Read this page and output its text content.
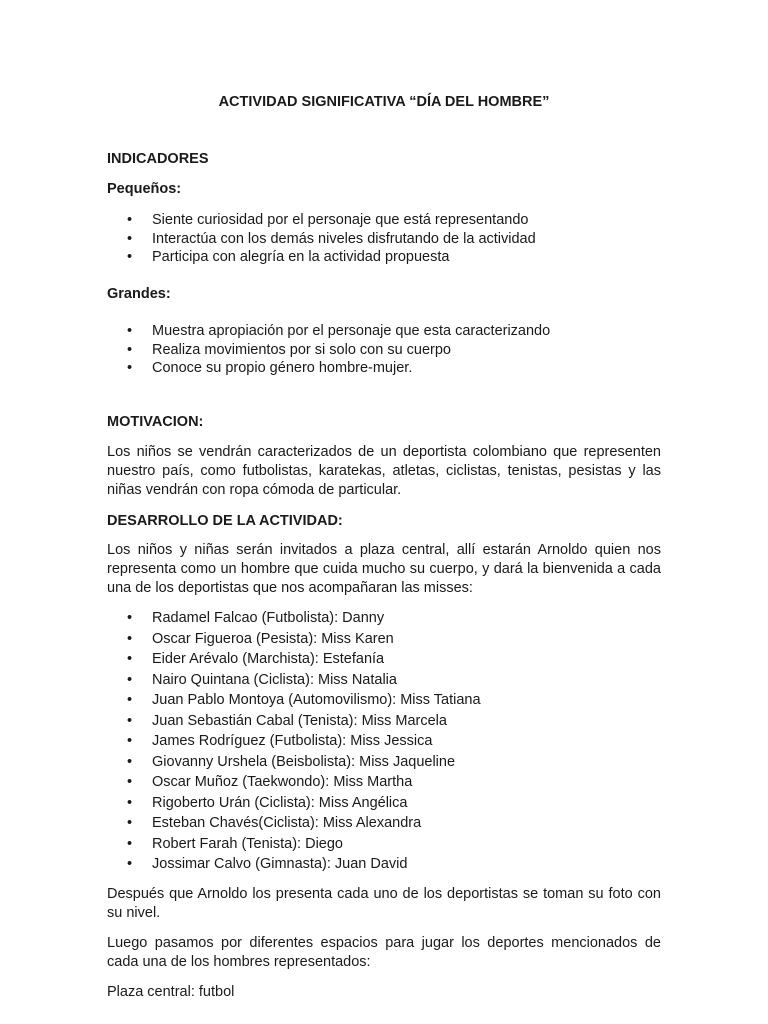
ACTIVIDAD SIGNIFICATIVA “DÍA DEL HOMBRE”

INDICADORES

Pequeños:

• Siente curiosidad por el personaje que está representando
• Interactúa con los demás niveles disfrutando de la actividad
• Participa con alegría en la actividad propuesta

Grandes:

• Muestra apropiación por el personaje que esta caracterizando
• Realiza movimientos por si solo con su cuerpo
• Conoce su propio género hombre-mujer.

MOTIVACION:

Los niños se vendrán caracterizados de un deportista colombiano que representen nuestro país, como futbolistas, karatekas, atletas, ciclistas, tenistas, pesistas y las niñas vendrán con ropa cómoda de particular.

DESARROLLO DE LA ACTIVIDAD:

Los niños y niñas serán invitados a plaza central, allí estarán Arnoldo quien nos representa como un hombre que cuida mucho su cuerpo, y dará la bienvenida a cada una de los deportistas que nos acompañaran las misses:

• Radamel Falcao (Futbolista): Danny
• Oscar Figueroa (Pesista): Miss Karen
• Eider Arévalo (Marchista): Estefanía
• Nairo Quintana (Ciclista): Miss Natalia
• Juan Pablo Montoya (Automovilismo): Miss Tatiana
• Juan Sebastián Cabal (Tenista): Miss Marcela
• James Rodríguez (Futbolista): Miss Jessica
• Giovanny Urshela (Beisbolista): Miss Jaqueline
• Oscar Muñoz (Taekwondo): Miss Martha
• Rigoberto Urán (Ciclista): Miss Angélica
• Esteban Chavés(Ciclista): Miss Alexandra
• Robert Farah (Tenista): Diego
• Jossimar Calvo (Gimnasta): Juan David

Después que Arnoldo los presenta cada uno de los deportistas se toman su foto con su nivel.

Luego pasamos por diferentes espacios para jugar los deportes mencionados de cada una de los hombres representados:

Plaza central: futbol
